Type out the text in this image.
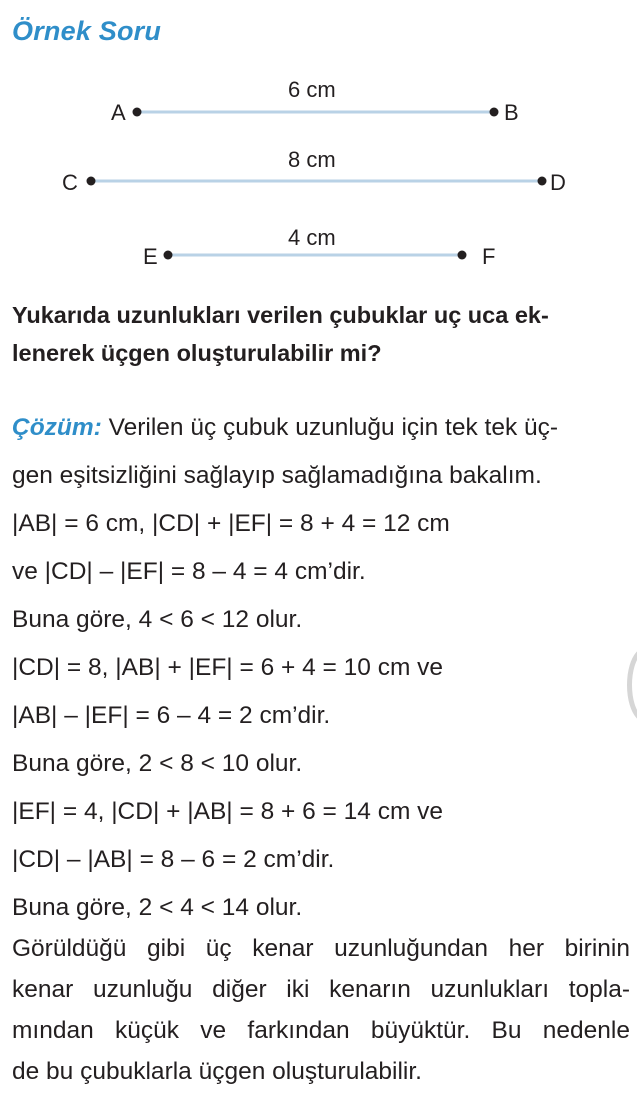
Örnek Soru
A	B
6 cm
C	D
8 cm
E	F
4 cm
Yukarıda uzunlukları verilen çubuklar uç uca ek-
lenerek üçgen oluşturulabilir mi?
Çözüm: Verilen üç çubuk uzunluğu için tek tek üç-
gen eşitsizliğini sağlayıp sağlamadığına bakalım.
|AB| = 6 cm, |CD| + |EF| = 8 + 4 = 12 cm
ve |CD| – |EF| = 8 – 4 = 4 cm’dir.
Buna göre, 4 < 6 < 12 olur.
|CD| = 8, |AB| + |EF| = 6 + 4 = 10 cm ve
|AB| – |EF| = 6 – 4 = 2 cm’dir.
Buna göre, 2 < 8 < 10 olur.
|EF| = 4, |CD| + |AB| = 8 + 6 = 14 cm ve
|CD| – |AB| = 8 – 6 = 2 cm’dir.
Buna göre, 2 < 4 < 14 olur.
Görüldüğü gibi üç kenar uzunluğundan her birinin
kenar uzunluğu diğer iki kenarın uzunlukları topla-
mından küçük ve farkından büyüktür. Bu nedenle
de bu çubuklarla üçgen oluşturulabilir.
